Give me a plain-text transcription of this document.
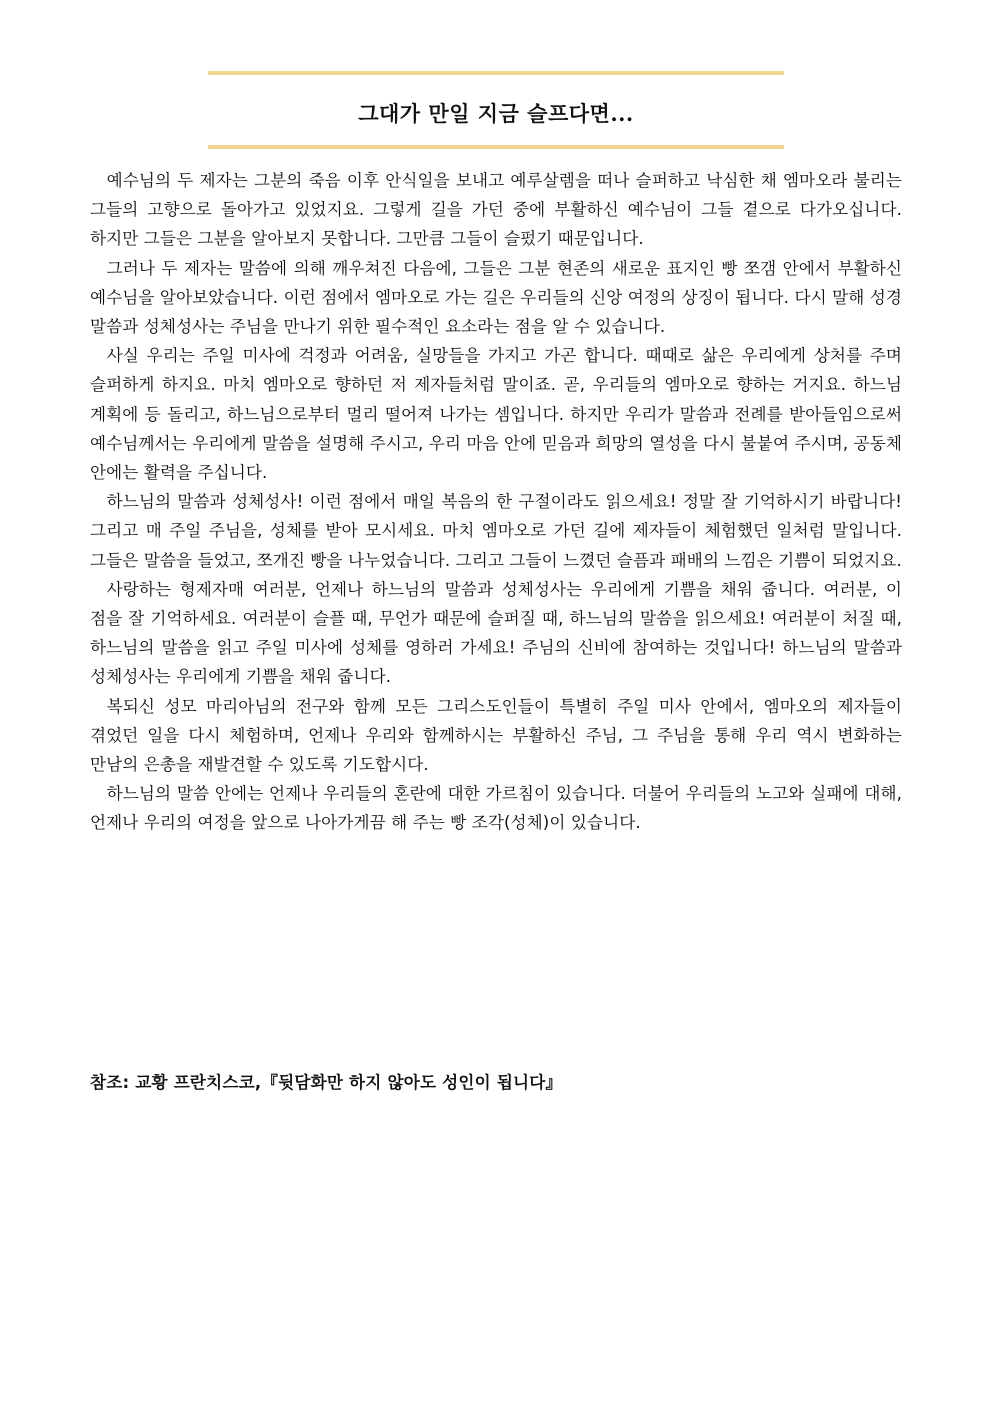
그대가 만일 지금 슬프다면...

예수님의 두 제자는 그분의 죽음 이후 안식일을 보내고 예루살렘을 떠나 슬퍼하고 낙심한 채 엠마오라 불리는 그들의 고향으로 돌아가고 있었지요. 그렇게 길을 가던 중에 부활하신 예수님이 그들 곁으로 다가오십니다. 하지만 그들은 그분을 알아보지 못합니다. 그만큼 그들이 슬펐기 때문입니다.

그러나 두 제자는 말씀에 의해 깨우쳐진 다음에, 그들은 그분 현존의 새로운 표지인 빵 쪼갬 안에서 부활하신 예수님을 알아보았습니다. 이런 점에서 엠마오로 가는 길은 우리들의 신앙 여정의 상징이 됩니다. 다시 말해 성경 말씀과 성체성사는 주님을 만나기 위한 필수적인 요소라는 점을 알 수 있습니다.

사실 우리는 주일 미사에 걱정과 어려움, 실망들을 가지고 가곤 합니다. 때때로 삶은 우리에게 상처를 주며 슬퍼하게 하지요. 마치 엠마오로 향하던 저 제자들처럼 말이죠. 곧, 우리들의 엠마오로 향하는 거지요. 하느님 계획에 등 돌리고, 하느님으로부터 멀리 떨어져 나가는 셈입니다. 하지만 우리가 말씀과 전례를 받아들임으로써 예수님께서는 우리에게 말씀을 설명해 주시고, 우리 마음 안에 믿음과 희망의 열성을 다시 불붙여 주시며, 공동체 안에는 활력을 주십니다.

하느님의 말씀과 성체성사! 이런 점에서 매일 복음의 한 구절이라도 읽으세요! 정말 잘 기억하시기 바랍니다! 그리고 매 주일 주님을, 성체를 받아 모시세요. 마치 엠마오로 가던 길에 제자들이 체험했던 일처럼 말입니다. 그들은 말씀을 들었고, 쪼개진 빵을 나누었습니다. 그리고 그들이 느꼈던 슬픔과 패배의 느낌은 기쁨이 되었지요.

사랑하는 형제자매 여러분, 언제나 하느님의 말씀과 성체성사는 우리에게 기쁨을 채워 줍니다. 여러분, 이 점을 잘 기억하세요. 여러분이 슬플 때, 무언가 때문에 슬퍼질 때, 하느님의 말씀을 읽으세요! 여러분이 처질 때, 하느님의 말씀을 읽고 주일 미사에 성체를 영하러 가세요! 주님의 신비에 참여하는 것입니다! 하느님의 말씀과 성체성사는 우리에게 기쁨을 채워 줍니다.

복되신 성모 마리아님의 전구와 함께 모든 그리스도인들이 특별히 주일 미사 안에서, 엠마오의 제자들이 겪었던 일을 다시 체험하며, 언제나 우리와 함께하시는 부활하신 주님, 그 주님을 통해 우리 역시 변화하는 만남의 은총을 재발견할 수 있도록 기도합시다.

하느님의 말씀 안에는 언제나 우리들의 혼란에 대한 가르침이 있습니다. 더불어 우리들의 노고와 실패에 대해, 언제나 우리의 여정을 앞으로 나아가게끔 해 주는 빵 조각(성체)이 있습니다.

참조: 교황 프란치스코,『뒷담화만 하지 않아도 성인이 됩니다』
